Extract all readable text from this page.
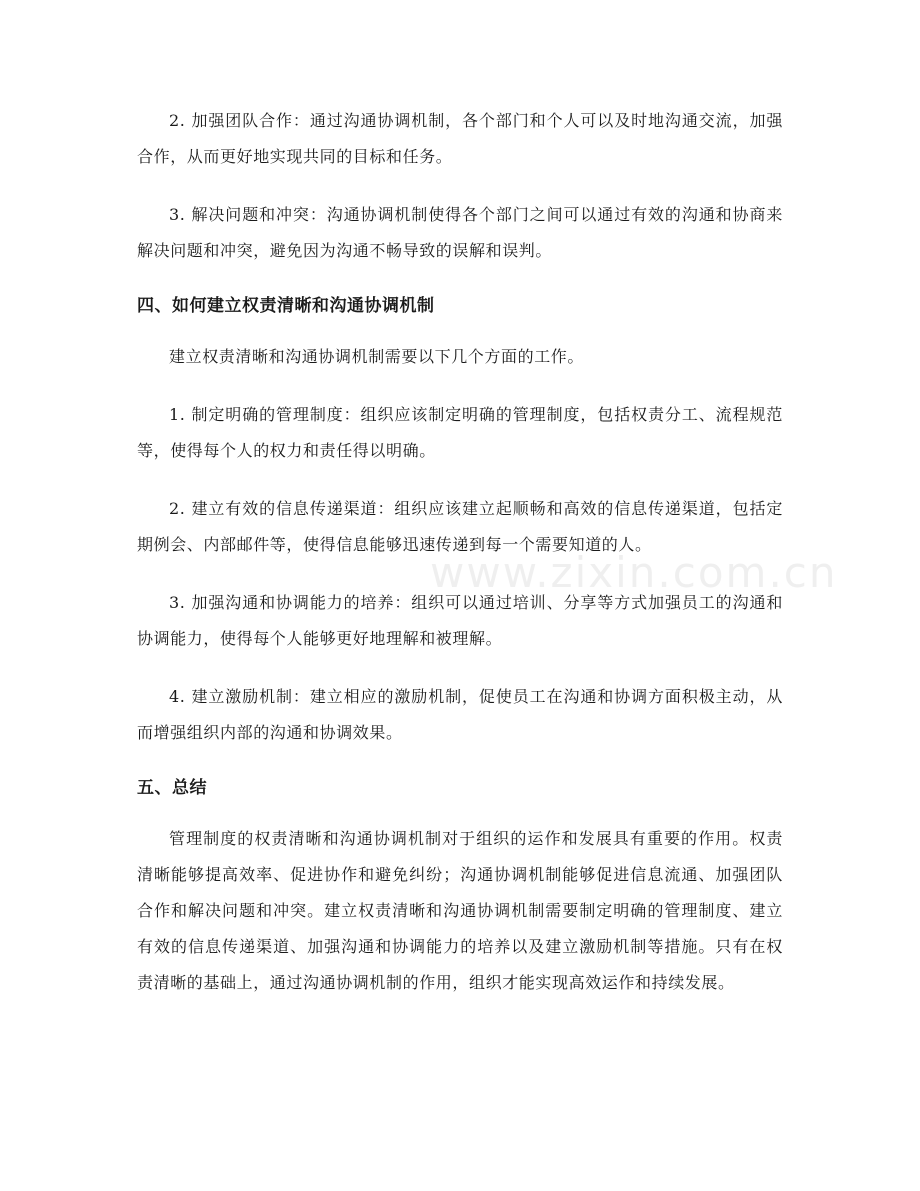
2. 加强团队合作：通过沟通协调机制，各个部门和个人可以及时地沟通交流，加强合作，从而更好地实现共同的目标和任务。

3. 解决问题和冲突：沟通协调机制使得各个部门之间可以通过有效的沟通和协商来解决问题和冲突，避免因为沟通不畅导致的误解和误判。

四、如何建立权责清晰和沟通协调机制

建立权责清晰和沟通协调机制需要以下几个方面的工作。

1. 制定明确的管理制度：组织应该制定明确的管理制度，包括权责分工、流程规范等，使得每个人的权力和责任得以明确。

2. 建立有效的信息传递渠道：组织应该建立起顺畅和高效的信息传递渠道，包括定期例会、内部邮件等，使得信息能够迅速传递到每一个需要知道的人。

3. 加强沟通和协调能力的培养：组织可以通过培训、分享等方式加强员工的沟通和协调能力，使得每个人能够更好地理解和被理解。

4. 建立激励机制：建立相应的激励机制，促使员工在沟通和协调方面积极主动，从而增强组织内部的沟通和协调效果。

五、总结

管理制度的权责清晰和沟通协调机制对于组织的运作和发展具有重要的作用。权责清晰能够提高效率、促进协作和避免纠纷；沟通协调机制能够促进信息流通、加强团队合作和解决问题和冲突。建立权责清晰和沟通协调机制需要制定明确的管理制度、建立有效的信息传递渠道、加强沟通和协调能力的培养以及建立激励机制等措施。只有在权责清晰的基础上，通过沟通协调机制的作用，组织才能实现高效运作和持续发展。

www.zixin.com.cn
